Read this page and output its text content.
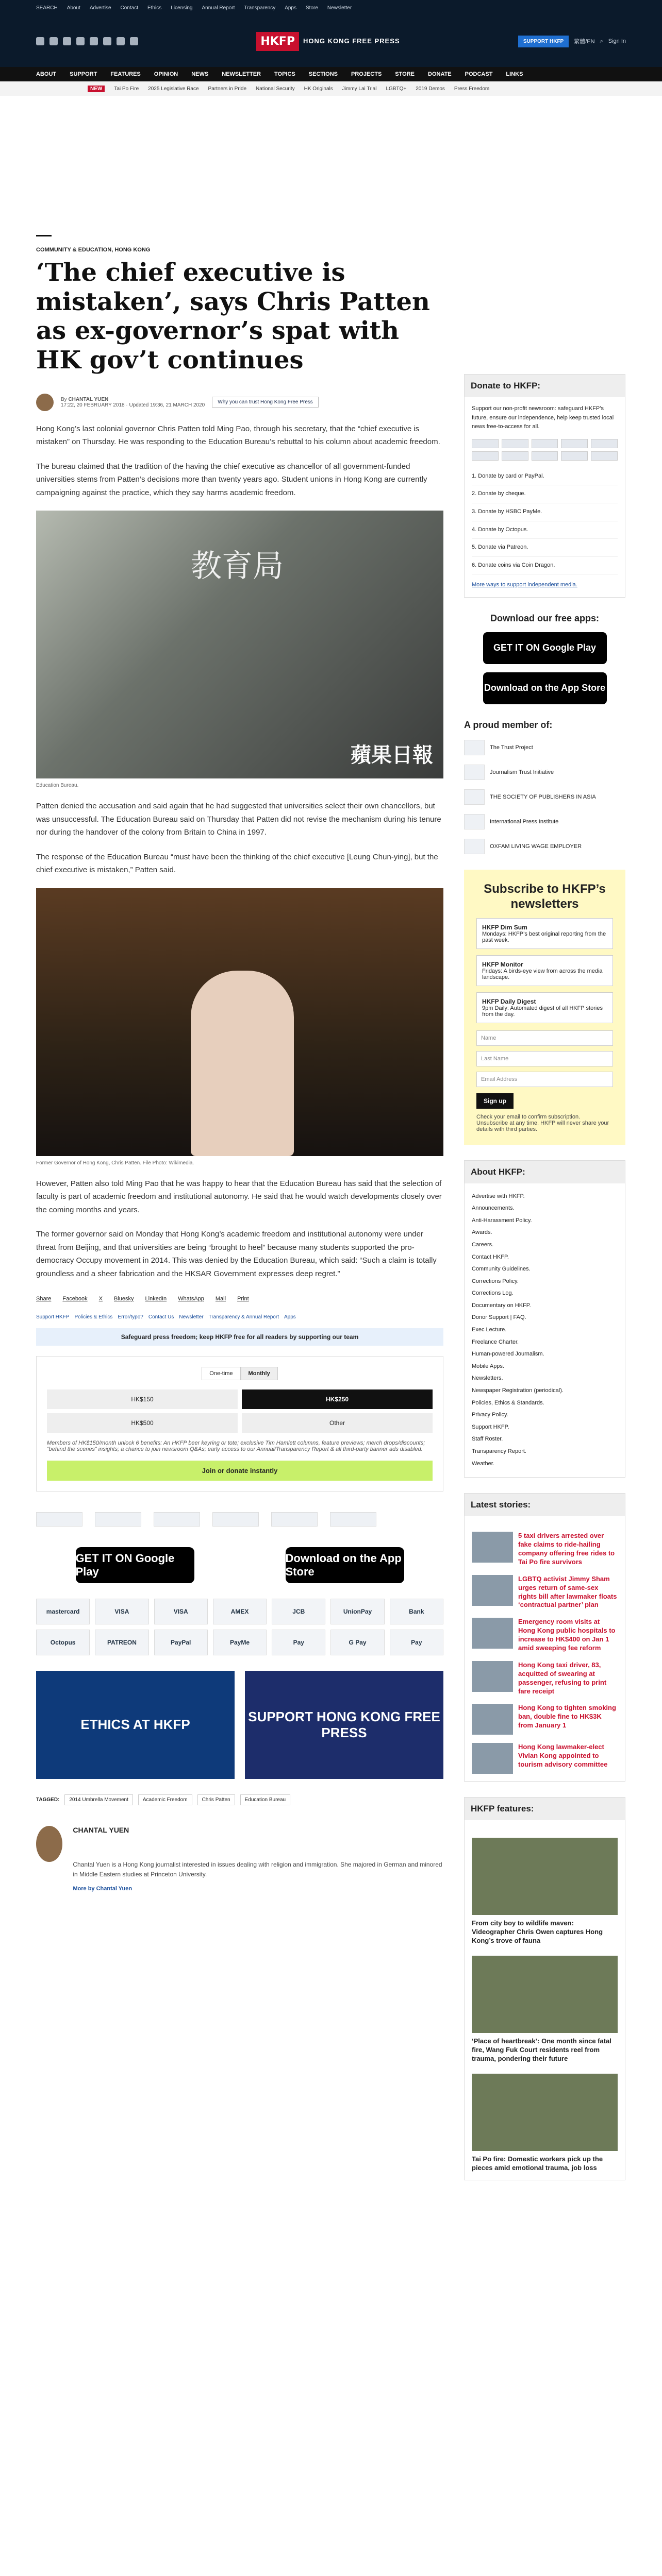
SEARCH About Advertise Contact Ethics Licensing Annual Report Transparency Apps Store Newsletter
HKFP	HONG KONG FREE PRESS	SUPPORT HKFP	繁體/EN ⌕ Sign In
ABOUT SUPPORT FEATURES OPINION NEWS NEWSLETTER TOPICS SECTIONS PROJECTS STORE DONATE PODCAST LINKS
NEW	Tai Po Fire 2025 Legislative Race Partners in Pride National Security HK Originals Jimmy Lai Trial LGBTQ+ 2019 Demos Press Freedom
COMMUNITY & EDUCATION, HONG KONG
‘The chief executive is mistaken’, says Chris Patten as ex-governor’s spat with HK gov’t continues
By CHANTAL YUEN
17:22, 20 FEBRUARY 2018 · Updated 19:36, 21 MARCH 2020	Why you can trust Hong Kong Free Press

Hong Kong’s last colonial governor Chris Patten told Ming Pao, through his secretary, that the “chief executive is mistaken” on Thursday. He was responding to the Education Bureau’s rebuttal to his column about academic freedom.

The bureau claimed that the tradition of the having the chief executive as chancellor of all government-funded universities stems from Patten’s decisions more than twenty years ago. Student unions in Hong Kong are currently campaigning against the practice, which they say harms academic freedom.

教育局
蘋果日報
Education Bureau.

Patten denied the accusation and said again that he had suggested that universities select their own chancellors, but was unsuccessful. The Education Bureau said on Thursday that Patten did not revise the mechanism during his tenure nor during the handover of the colony from Britain to China in 1997.

The response of the Education Bureau “must have been the thinking of the chief executive [Leung Chun-ying], but the chief executive is mistaken,” Patten said.

Former Governor of Hong Kong, Chris Patten. File Photo: Wikimedia.

However, Patten also told Ming Pao that he was happy to hear that the Education Bureau has said that the selection of faculty is part of academic freedom and institutional autonomy. He said that he would watch developments closely over the coming months and years.

The former governor said on Monday that Hong Kong’s academic freedom and institutional autonomy were under threat from Beijing, and that universities are being “brought to heel” because many students supported the pro-democracy Occupy movement in 2014. This was denied by the Education Bureau, which said: “Such a claim is totally groundless and a sheer fabrication and the HKSAR Government expresses deep regret.”

Share Facebook X Bluesky LinkedIn WhatsApp Mail Print
Support HKFP Policies & Ethics Error/typo? Contact Us Newsletter Transparency & Annual Report Apps
Safeguard press freedom; keep HKFP free for all readers by supporting our team
One-time	Monthly
HK$150	HK$250
HK$500	Other
Members of HK$150/month unlock 6 benefits: An HKFP beer keyring or tote; exclusive Tim Hamlett columns, feature previews; merch drops/discounts; “behind the scenes” insights; a chance to join newsroom Q&As; early access to our Annual/Transparency Report & all third-party banner ads disabled.
Join or donate instantly
GET IT ON Google Play
Download on the App Store
mastercard	VISA	VISA	AMEX	JCB	UnionPay	Bank
Octopus	PATREON	PayPal	PayMe	Pay	G Pay	Pay
ETHICS AT HKFP
SUPPORT HONG KONG FREE PRESS
TAGGED:	2014 Umbrella Movement	Academic Freedom	Chris Patten	Education Bureau
CHANTAL YUEN

Chantal Yuen is a Hong Kong journalist interested in issues dealing with religion and immigration. She majored in German and minored in Middle Eastern studies at Princeton University.

More by Chantal Yuen
Donate to HKFP:
Support our non-profit newsroom: safeguard HKFP’s future, ensure our independence, help keep trusted local news free-to-access for all.
1. Donate by card or PayPal.
2. Donate by cheque.
3. Donate by HSBC PayMe.
4. Donate by Octopus.
5. Donate via Patreon.
6. Donate coins via Coin Dragon.
More ways to support independent media.
Download our free apps:
GET IT ON Google Play
Download on the App Store
A proud member of:
The Trust Project
Journalism Trust Initiative
THE SOCIETY OF PUBLISHERS IN ASIA
International Press Institute
OXFAM LIVING WAGE EMPLOYER
Subscribe to HKFP’s newsletters
HKFP Dim Sum
Mondays: HKFP’s best original reporting from the past week.
HKFP Monitor
Fridays: A birds-eye view from across the media landscape.
HKFP Daily Digest
9pm Daily: Automated digest of all HKFP stories from the day.
Name
Last Name
Email Address
Sign up
Check your email to confirm subscription. Unsubscribe at any time. HKFP will never share your details with third parties.
About HKFP:
Advertise with HKFP.
Announcements.
Anti-Harassment Policy.
Awards.
Careers.
Contact HKFP.
Community Guidelines.
Corrections Policy.
Corrections Log.
Documentary on HKFP.
Donor Support | FAQ.
Exec Lecture.
Freelance Charter.
Human-powered Journalism.
Mobile Apps.
Newsletters.
Newspaper Registration (periodical).
Policies, Ethics & Standards.
Privacy Policy.
Support HKFP.
Staff Roster.
Transparency Report.
Weather.
Latest stories:
5 taxi drivers arrested over fake claims to ride-hailing company offering free rides to Tai Po fire survivors
LGBTQ activist Jimmy Sham urges return of same-sex rights bill after lawmaker floats ‘contractual partner’ plan
Emergency room visits at Hong Kong public hospitals to increase to HK$400 on Jan 1 amid sweeping fee reform
Hong Kong taxi driver, 83, acquitted of swearing at passenger, refusing to print fare receipt
Hong Kong to tighten smoking ban, double fine to HK$3K from January 1
Hong Kong lawmaker-elect Vivian Kong appointed to tourism advisory committee
HKFP features:
From city boy to wildlife maven: Videographer Chris Owen captures Hong Kong’s trove of fauna
‘Place of heartbreak’: One month since fatal fire, Wang Fuk Court residents reel from trauma, pondering their future
Tai Po fire: Domestic workers pick up the pieces amid emotional trauma, job loss
